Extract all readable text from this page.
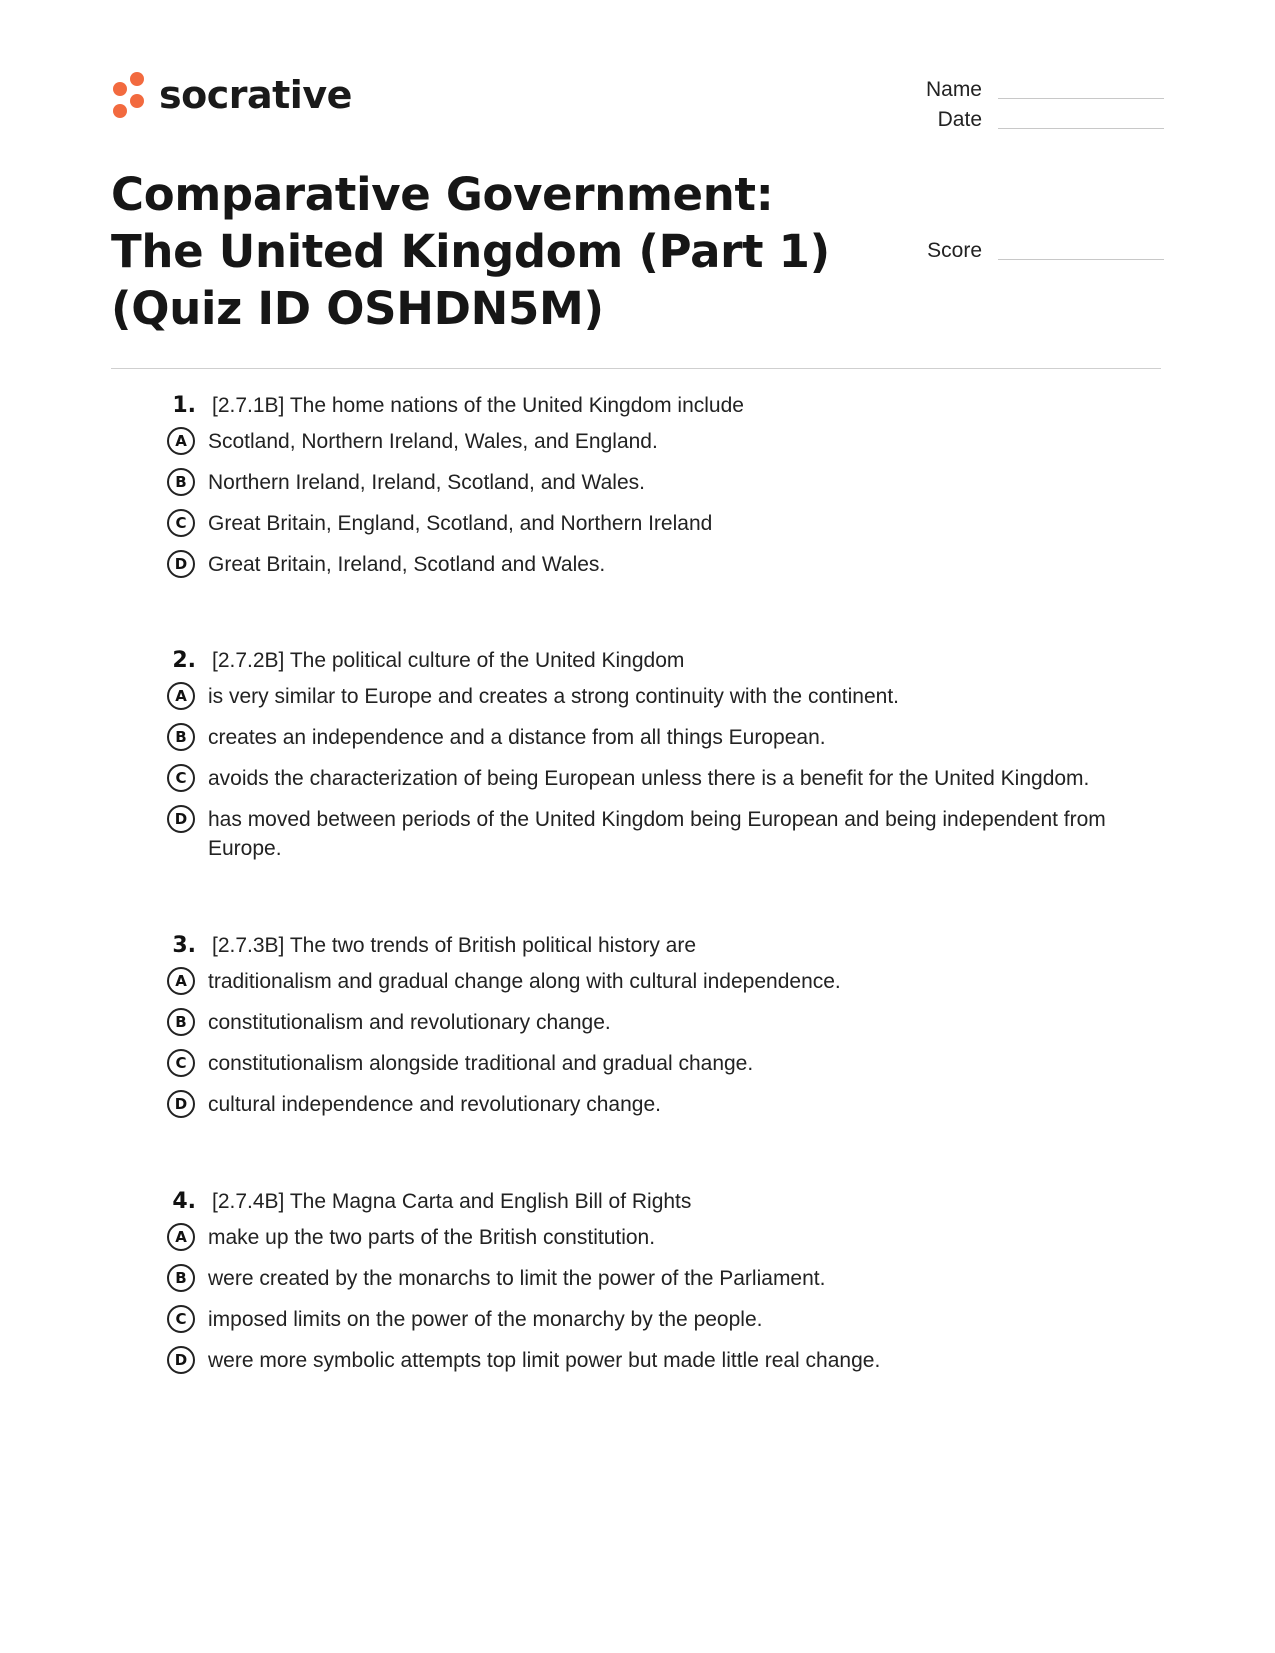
socrative	Name
Date
Score
Comparative Government: The United Kingdom (Part 1) (Quiz ID OSHDN5M)
1. [2.7.1B] The home nations of the United Kingdom include
A	Scotland, Northern Ireland, Wales, and England.
B	Northern Ireland, Ireland, Scotland, and Wales.
C	Great Britain, England, Scotland, and Northern Ireland
D Great Britain, Ireland, Scotland and Wales.
2. [2.7.2B] The political culture of the United Kingdom
A	is very similar to Europe and creates a strong continuity with the continent.
B	creates an independence and a distance from all things European.
C	avoids the characterization of being European unless there is a benefit for the United Kingdom.
D has moved between periods of the United Kingdom being European and being independent from Europe.
3. [2.7.3B] The two trends of British political history are
A	traditionalism and gradual change along with cultural independence.
B	constitutionalism and revolutionary change.
C	constitutionalism alongside traditional and gradual change.
D cultural independence and revolutionary change.
4. [2.7.4B] The Magna Carta and English Bill of Rights
A	make up the two parts of the British constitution.
B	were created by the monarchs to limit the power of the Parliament.
C	imposed limits on the power of the monarchy by the people.
D were more symbolic attempts top limit power but made little real change.
